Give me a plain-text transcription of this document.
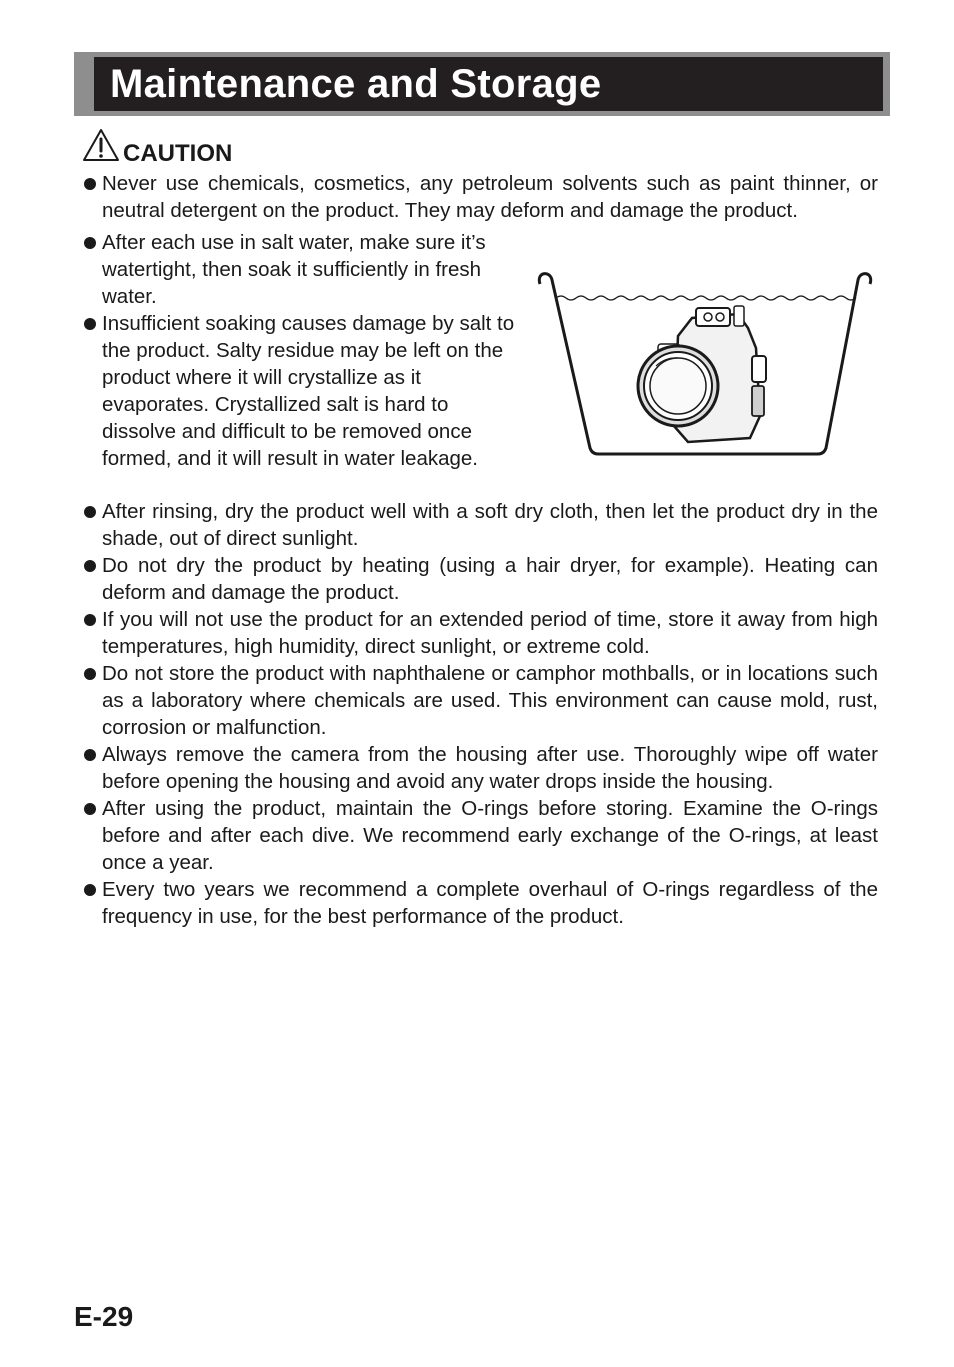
Maintenance and Storage
CAUTION
Never use chemicals, cosmetics, any petroleum solvents such as paint thinner, or neutral detergent on the product. They may deform and damage the product.
After each use in salt water, make sure it’s watertight, then soak it sufficiently in fresh water.
Insufficient soaking causes damage by salt to the product. Salty residue may be left on the product where it will crystallize as it evaporates. Crystallized salt is hard to dissolve and difficult to be removed once formed, and it will result in water leakage.
After rinsing, dry the product well with a soft dry cloth, then let the product dry in the shade, out of direct sunlight.
Do not dry the product by heating (using a hair dryer, for example). Heating can deform and damage the product.
If you will not use the product for an extended period of time, store it away from high temperatures, high humidity, direct sunlight, or extreme cold.
Do not store the product with naphthalene or camphor mothballs, or in locations such as a laboratory where chemicals are used. This environment can cause mold, rust, corrosion or malfunction.
Always remove the camera from the housing after use. Thoroughly wipe off water before opening the housing and avoid any water drops inside the housing.
After using the product, maintain the O-rings before storing. Examine the O-rings before and after each dive. We recommend early exchange of the O-rings, at least once a year.
Every two years we recommend a complete overhaul of O-rings regardless of the frequency in use, for the best performance of the product.
E-29
